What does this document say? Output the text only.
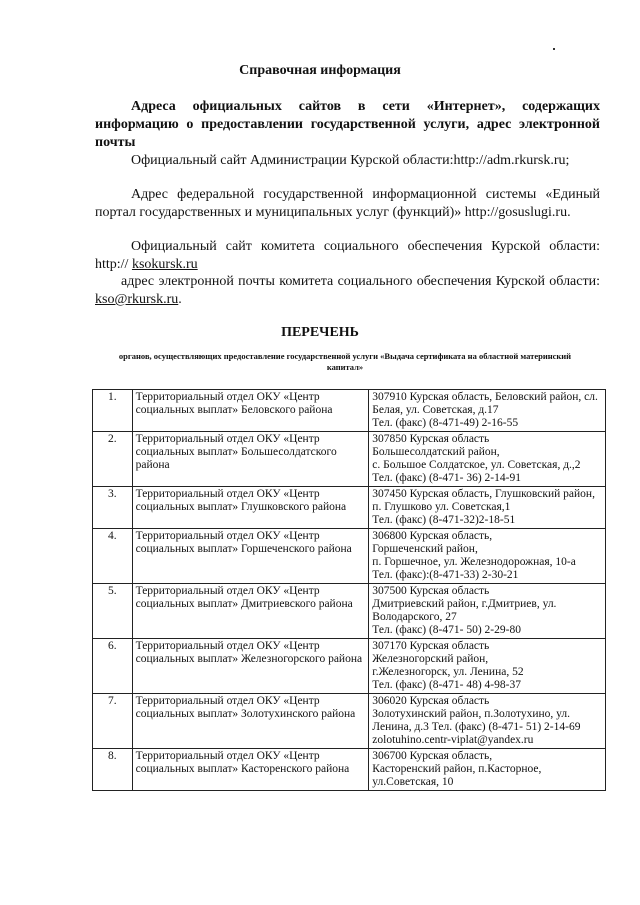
Справочная информация

Адреса официальных сайтов в сети «Интернет», содержащих информацию о предоставлении государственной услуги, адрес электронной почты

Официальный сайт Администрации Курской области:http://adm.rkursk.ru;

Адрес федеральной государственной информационной системы «Единый портал государственных и муниципальных услуг (функций)» http://gosuslugi.ru.

Официальный сайт комитета социального обеспечения Курской области: http:// ksokursk.ru

адрес электронной почты комитета социального обеспечения Курской области: kso@rkursk.ru.

ПЕРЕЧЕНЬ
органов, осуществляющих предоставление государственной услуги «Выдача сертификата на областной материнский капитал»
1.	Территориальный отдел ОКУ «Центр социальных выплат» Беловского района	307910 Курская область, Беловский район, сл. Белая, ул. Советская, д.17
Тел. (факс) (8-471-49) 2-16-55

2.	Территориальный отдел ОКУ «Центр социальных выплат» Большесолдатского района	307850 Курская область
Большесолдатский район,
с. Большое Солдатское, ул. Советская, д.,2
Тел. (факс) (8-471- 36) 2-14-91

3.	Территориальный отдел ОКУ «Центр социальных выплат» Глушковского района	307450 Курская область, Глушковский район, п. Глушково ул. Советская,1
Тел. (факс) (8-471-32)2-18-51

4.	Территориальный отдел ОКУ «Центр социальных выплат» Горшеченского района	306800 Курская область,
Горшеченский район,
п. Горшечное, ул. Железнодорожная, 10-а
Тел. (факс):(8-471-33) 2-30-21

5.	Территориальный отдел ОКУ «Центр социальных выплат» Дмитриевского района	307500 Курская область
Дмитриевский район, г.Дмитриев, ул. Володарского, 27
Тел. (факс) (8-471- 50) 2-29-80

6.	Территориальный отдел ОКУ «Центр социальных выплат» Железногорского района	307170 Курская область
Железногорский район,
г.Железногорск, ул. Ленина, 52
Тел. (факс) (8-471- 48) 4-98-37

7.	Территориальный отдел ОКУ «Центр социальных выплат» Золотухинского района	306020 Курская область
Золотухинский район, п.Золотухино, ул. Ленина, д.3 Тел. (факс) (8-471- 51) 2-14-69
zolotuhino.centr-viplat@yandex.ru

8.	Территориальный отдел ОКУ «Центр социальных выплат» Касторенского района	306700 Курская область,
Касторенский район, п.Касторное, ул.Советская, 10
